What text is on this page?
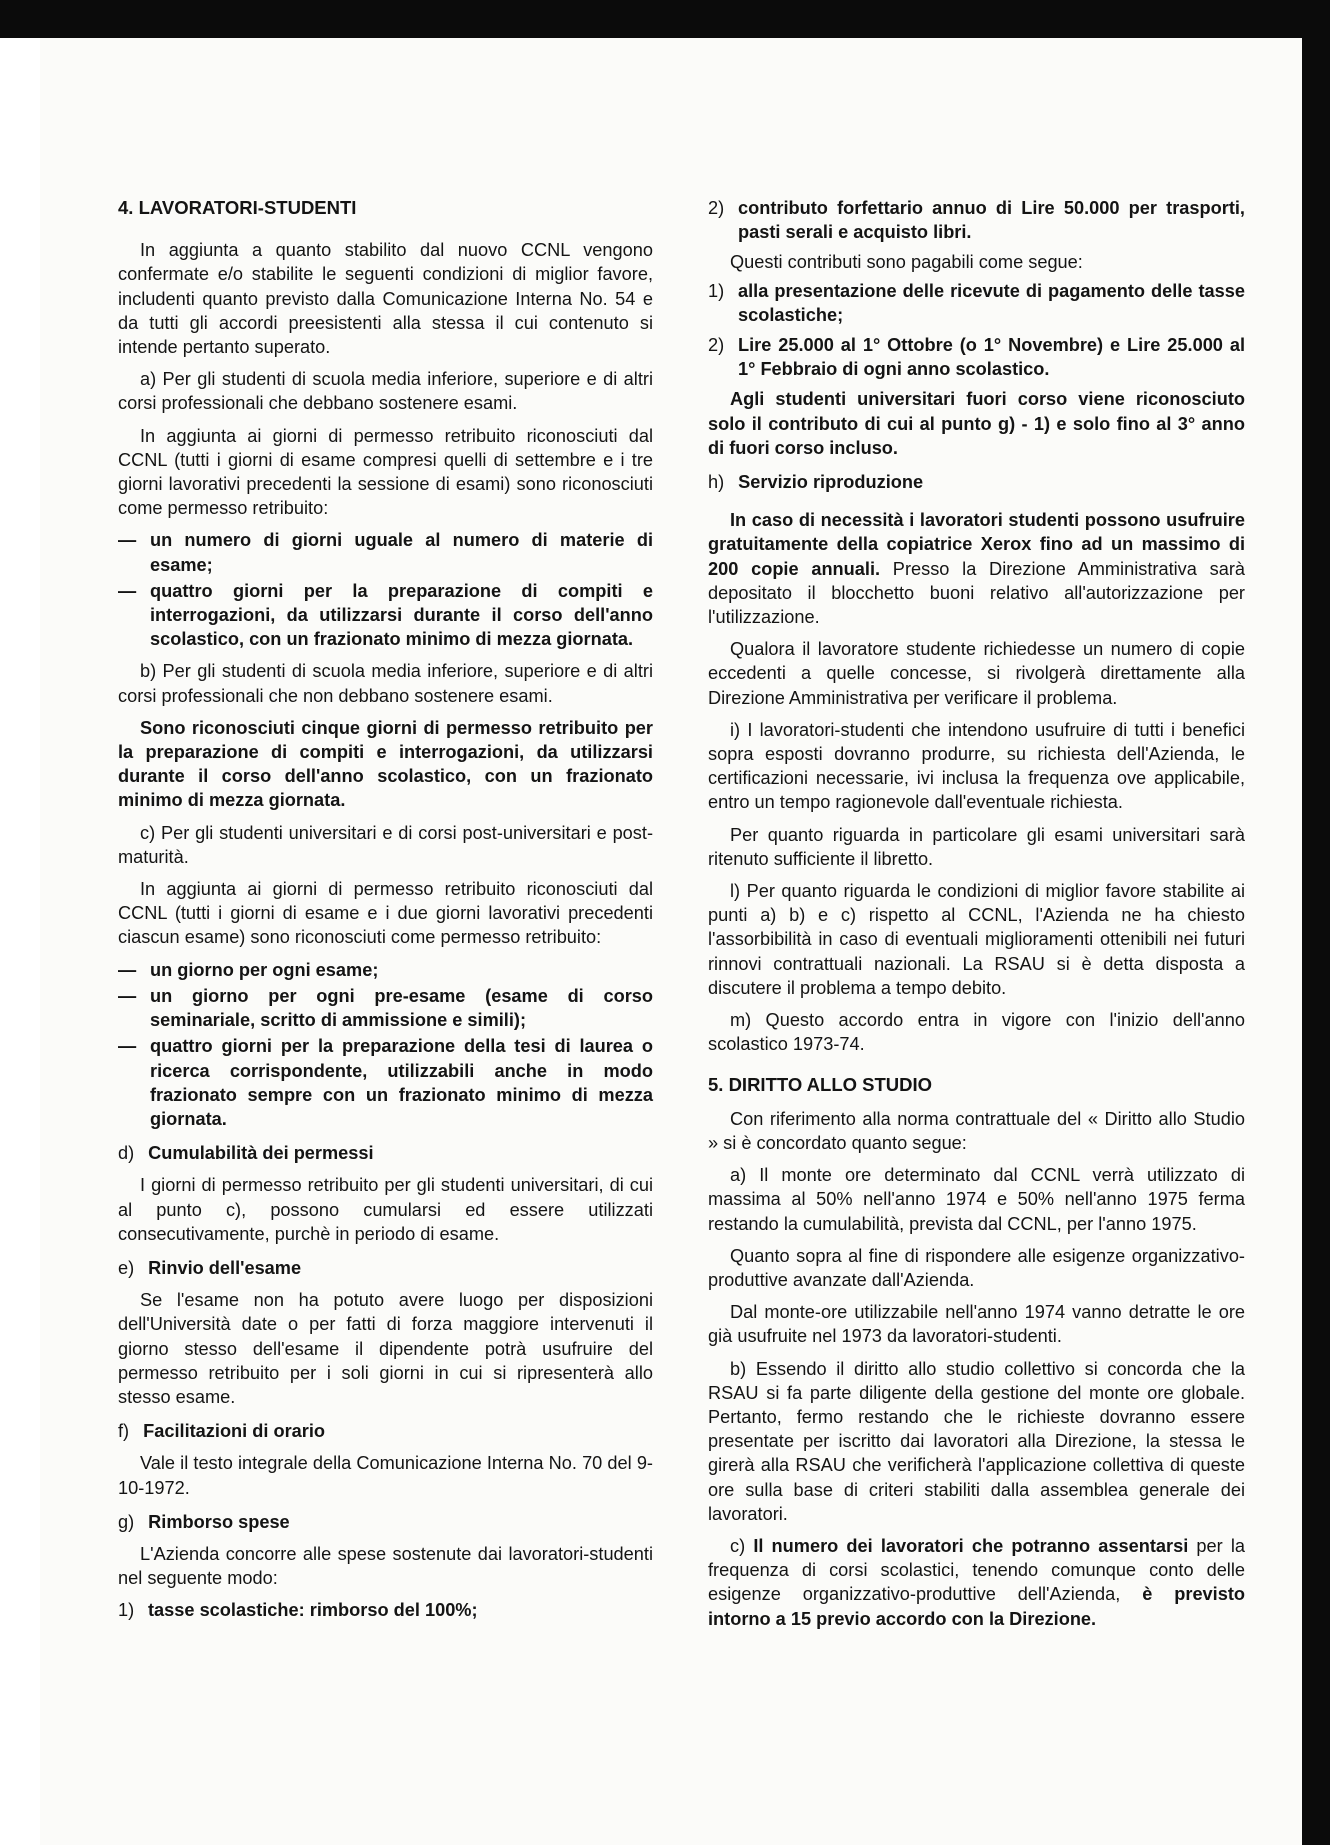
4. LAVORATORI-STUDENTI

In aggiunta a quanto stabilito dal nuovo CCNL vengono confermate e/o stabilite le seguenti condizioni di miglior favore, includenti quanto previsto dalla Comunicazione Interna No. 54 e da tutti gli accordi preesistenti alla stessa il cui contenuto si intende pertanto superato.

a) Per gli studenti di scuola media inferiore, superiore e di altri corsi professionali che debbano sostenere esami.

In aggiunta ai giorni di permesso retribuito riconosciuti dal CCNL (tutti i giorni di esame compresi quelli di settembre e i tre giorni lavorativi precedenti la sessione di esami) sono riconosciuti come permesso retribuito:

— un numero di giorni uguale al numero di materie di esame;
— quattro giorni per la preparazione di compiti e interrogazioni, da utilizzarsi durante il corso dell'anno scolastico, con un frazionato minimo di mezza giornata.

b) Per gli studenti di scuola media inferiore, superiore e di altri corsi professionali che non debbano sostenere esami.

Sono riconosciuti cinque giorni di permesso retribuito per la preparazione di compiti e interrogazioni, da utilizzarsi durante il corso dell'anno scolastico, con un frazionato minimo di mezza giornata.

c) Per gli studenti universitari e di corsi post-universitari e post-maturità.

In aggiunta ai giorni di permesso retribuito riconosciuti dal CCNL (tutti i giorni di esame e i due giorni lavorativi precedenti ciascun esame) sono riconosciuti come permesso retribuito:

— un giorno per ogni esame;
— un giorno per ogni pre-esame (esame di corso seminariale, scritto di ammissione e simili);
— quattro giorni per la preparazione della tesi di laurea o ricerca corrispondente, utilizzabili anche in modo frazionato sempre con un frazionato minimo di mezza giornata.
d) Cumulabilità dei permessi

I giorni di permesso retribuito per gli studenti universitari, di cui al punto c), possono cumularsi ed essere utilizzati consecutivamente, purchè in periodo di esame.

e) Rinvio dell'esame

Se l'esame non ha potuto avere luogo per disposizioni dell'Università date o per fatti di forza maggiore intervenuti il giorno stesso dell'esame il dipendente potrà usufruire del permesso retribuito per i soli giorni in cui si ripresenterà allo stesso esame.

f) Facilitazioni di orario

Vale il testo integrale della Comunicazione Interna No. 70 del 9-10-1972.

g) Rimborso spese

L'Azienda concorre alle spese sostenute dai lavoratori-studenti nel seguente modo:

1) tasse scolastiche: rimborso del 100%;
2) contributo forfettario annuo di Lire 50.000 per trasporti, pasti serali e acquisto libri.

Questi contributi sono pagabili come segue:

1) alla presentazione delle ricevute di pagamento delle tasse scolastiche;
2) Lire 25.000 al 1° Ottobre (o 1° Novembre) e Lire 25.000 al 1° Febbraio di ogni anno scolastico.

Agli studenti universitari fuori corso viene riconosciuto solo il contributo di cui al punto g) - 1) e solo fino al 3° anno di fuori corso incluso.

h) Servizio riproduzione

In caso di necessità i lavoratori studenti possono usufruire gratuitamente della copiatrice Xerox fino ad un massimo di 200 copie annuali. Presso la Direzione Amministrativa sarà depositato il blocchetto buoni relativo all'autorizzazione per l'utilizzazione.

Qualora il lavoratore studente richiedesse un numero di copie eccedenti a quelle concesse, si rivolgerà direttamente alla Direzione Amministrativa per verificare il problema.

i) I lavoratori-studenti che intendono usufruire di tutti i benefici sopra esposti dovranno produrre, su richiesta dell'Azienda, le certificazioni necessarie, ivi inclusa la frequenza ove applicabile, entro un tempo ragionevole dall'eventuale richiesta.

Per quanto riguarda in particolare gli esami universitari sarà ritenuto sufficiente il libretto.

l) Per quanto riguarda le condizioni di miglior favore stabilite ai punti a) b) e c) rispetto al CCNL, l'Azienda ne ha chiesto l'assorbibilità in caso di eventuali miglioramenti ottenibili nei futuri rinnovi contrattuali nazionali. La RSAU si è detta disposta a discutere il problema a tempo debito.

m) Questo accordo entra in vigore con l'inizio dell'anno scolastico 1973-74.

5. DIRITTO ALLO STUDIO

Con riferimento alla norma contrattuale del « Diritto allo Studio » si è concordato quanto segue:

a) Il monte ore determinato dal CCNL verrà utilizzato di massima al 50% nell'anno 1974 e 50% nell'anno 1975 ferma restando la cumulabilità, prevista dal CCNL, per l'anno 1975.

Quanto sopra al fine di rispondere alle esigenze organizzativo-produttive avanzate dall'Azienda.

Dal monte-ore utilizzabile nell'anno 1974 vanno detratte le ore già usufruite nel 1973 da lavoratori-studenti.

b) Essendo il diritto allo studio collettivo si concorda che la RSAU si fa parte diligente della gestione del monte ore globale. Pertanto, fermo restando che le richieste dovranno essere presentate per iscritto dai lavoratori alla Direzione, la stessa le girerà alla RSAU che verificherà l'applicazione collettiva di queste ore sulla base di criteri stabiliti dalla assemblea generale dei lavoratori.

c) Il numero dei lavoratori che potranno assentarsi per la frequenza di corsi scolastici, tenendo comunque conto delle esigenze organizzativo-produttive dell'Azienda, è previsto intorno a 15 previo accordo con la Direzione.
